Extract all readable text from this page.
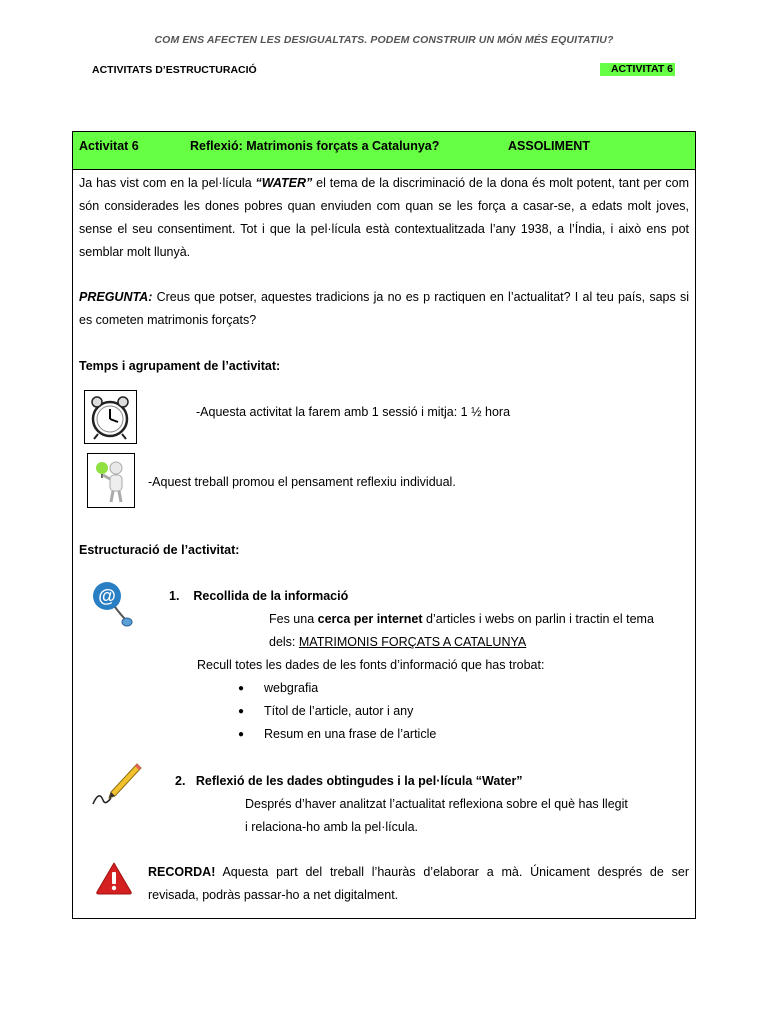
COM ENS AFECTEN LES DESIGUALTATS. PODEM CONSTRUIR UN MÓN MÉS EQUITATIU?
ACTIVITATS D’ESTRUCTURACIÓ	ACTIVITAT 6
Activitat 6	Reflexió: Matrimonis forçats a Catalunya?	ASSOLIMENT
Ja has vist com en la pel·lícula “WATER” el tema de la discriminació de la dona és molt potent, tant per com són considerades les dones pobres quan enviuden com quan se les força a casar-se, a edats molt joves, sense el seu consentiment. Tot i que la pel·lícula està contextualitzada l’any 1938, a l’Índia, i això ens pot semblar molt llunyà.
PREGUNTA: Creus que potser, aquestes tradicions ja no es p ractiquen en l’actualitat? I al teu país, saps si es cometen matrimonis forçats?
Temps i agrupament de l’activitat:
-Aquesta activitat la farem amb 1 sessió i mitja: 1 ½ hora
-Aquest treball promou el pensament reflexiu individual.
Estructuració de l’activitat:
@	1. Recollida de la informació
Fes una cerca per internet d’articles i webs on parlin i tractin el tema
dels: MATRIMONIS FORÇATS A CATALUNYA
Recull totes les dades de les fonts d’informació que has trobat:
● webgrafia
● Títol de l’article, autor i any
● Resum en una frase de l’article
2. Reflexió de les dades obtingudes i la pel·lícula “Water”
Després d’haver analitzat l’actualitat reflexiona sobre el què has llegit
i relaciona-ho amb la pel·lícula.
RECORDA! Aquesta part del treball l’hauràs d’elaborar a mà. Únicament després de ser revisada, podràs passar-ho a net digitalment.
